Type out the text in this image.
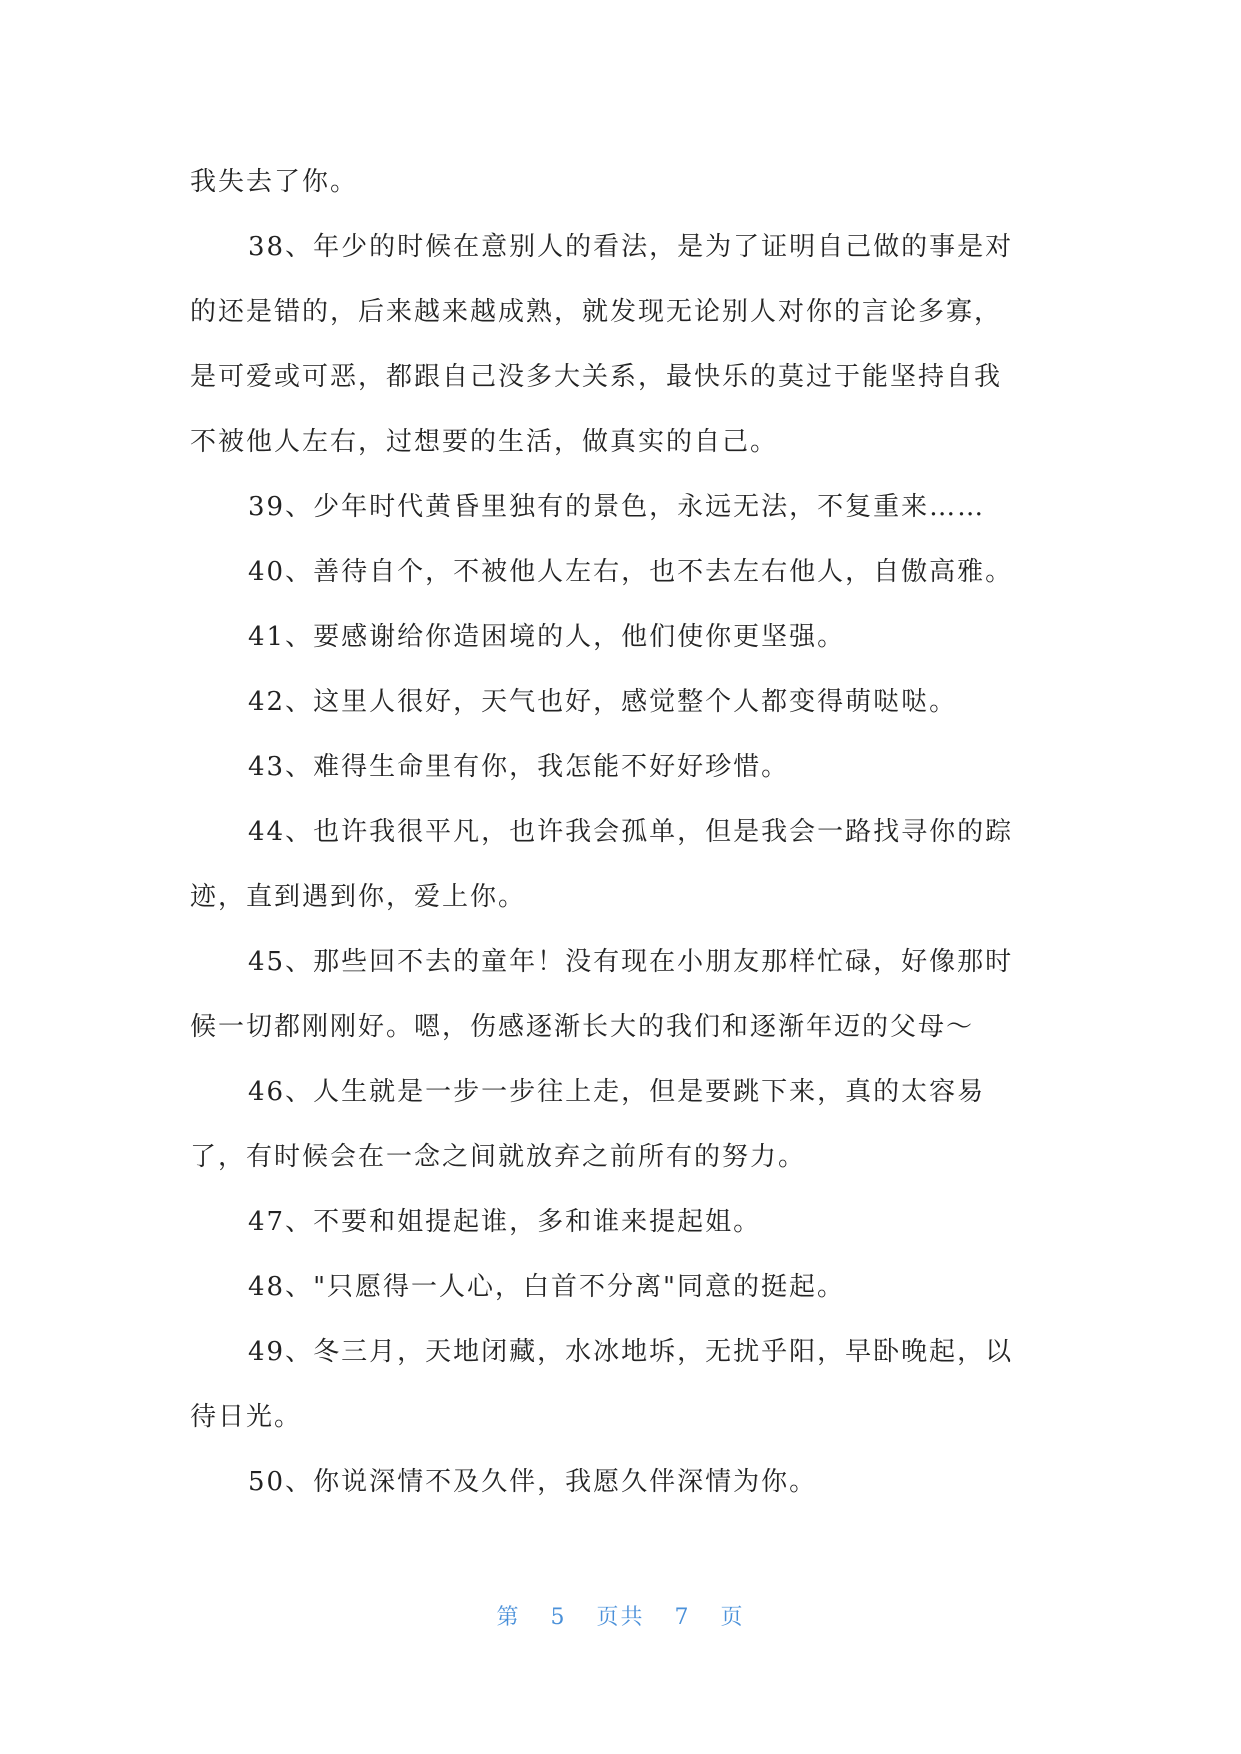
我失去了你。
38、年少的时候在意别人的看法，是为了证明自己做的事是对
的还是错的，后来越来越成熟，就发现无论别人对你的言论多寡，
是可爱或可恶，都跟自己没多大关系，最快乐的莫过于能坚持自我
不被他人左右，过想要的生活，做真实的自己。
39、少年时代黄昏里独有的景色，永远无法，不复重来……
40、善待自个，不被他人左右，也不去左右他人，自傲高雅。
41、要感谢给你造困境的人，他们使你更坚强。
42、这里人很好，天气也好，感觉整个人都变得萌哒哒。
43、难得生命里有你，我怎能不好好珍惜。
44、也许我很平凡，也许我会孤单，但是我会一路找寻你的踪
迹，直到遇到你，爱上你。
45、那些回不去的童年！没有现在小朋友那样忙碌，好像那时
候一切都刚刚好。嗯，伤感逐渐长大的我们和逐渐年迈的父母～
46、人生就是一步一步往上走，但是要跳下来，真的太容易
了，有时候会在一念之间就放弃之前所有的努力。
47、不要和姐提起谁，多和谁来提起姐。
48、"只愿得一人心，白首不分离"同意的挺起。
49、冬三月，天地闭藏，水冰地坼，无扰乎阳，早卧晚起，以
待日光。
50、你说深情不及久伴，我愿久伴深情为你。
第 5 页共 7 页
